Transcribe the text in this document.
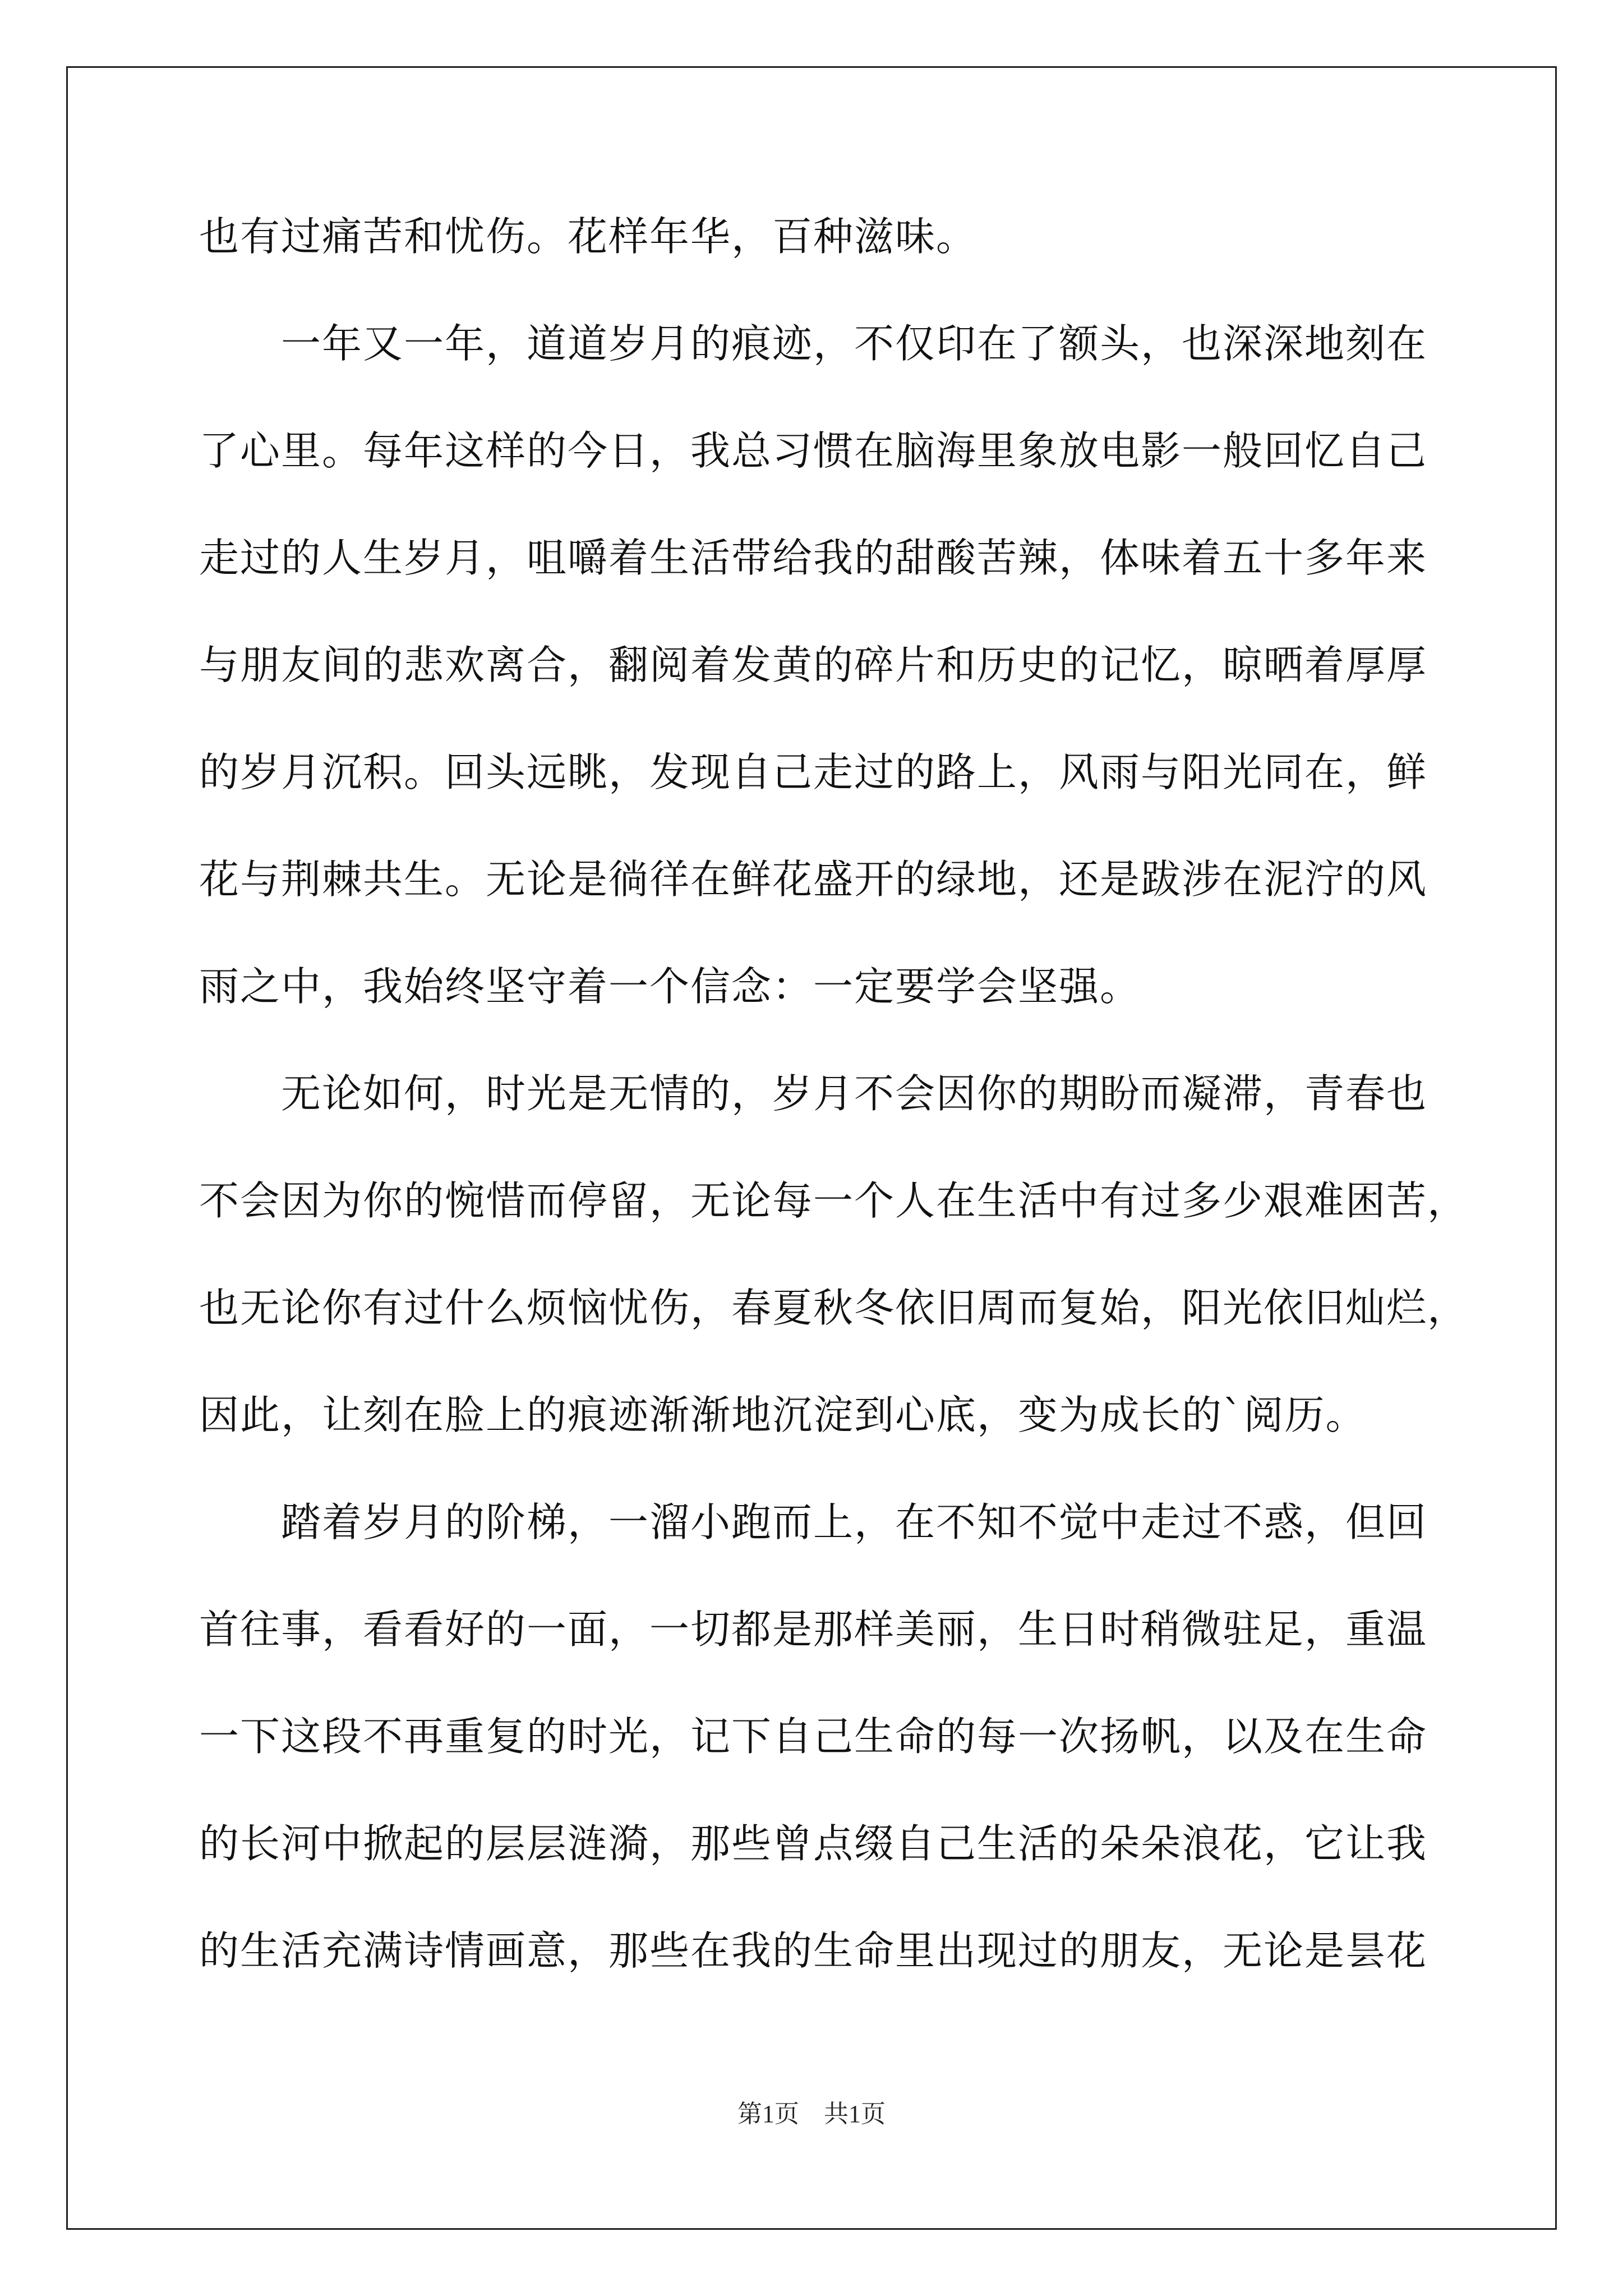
也有过痛苦和忧伤。花样年华，百种滋味。
　　一年又一年，道道岁月的痕迹，不仅印在了额头，也深深地刻在
了心里。每年这样的今日，我总习惯在脑海里象放电影一般回忆自己
走过的人生岁月，咀嚼着生活带给我的甜酸苦辣，体味着五十多年来
与朋友间的悲欢离合，翻阅着发黄的碎片和历史的记忆，晾晒着厚厚
的岁月沉积。回头远眺，发现自己走过的路上，风雨与阳光同在，鲜
花与荆棘共生。无论是徜徉在鲜花盛开的绿地，还是跋涉在泥泞的风
雨之中，我始终坚守着一个信念：一定要学会坚强。
　　无论如何，时光是无情的，岁月不会因你的期盼而凝滞，青春也
不会因为你的惋惜而停留，无论每一个人在生活中有过多少艰难困苦，
也无论你有过什么烦恼忧伤，春夏秋冬依旧周而复始，阳光依旧灿烂，
因此，让刻在脸上的痕迹渐渐地沉淀到心底，变为成长的`阅历。
　　踏着岁月的阶梯，一溜小跑而上，在不知不觉中走过不惑，但回
首往事，看看好的一面，一切都是那样美丽，生日时稍微驻足，重温
一下这段不再重复的时光，记下自己生命的每一次扬帆，以及在生命
的长河中掀起的层层涟漪，那些曾点缀自己生活的朵朵浪花，它让我
的生活充满诗情画意，那些在我的生命里出现过的朋友，无论是昙花
第1页　共1页
